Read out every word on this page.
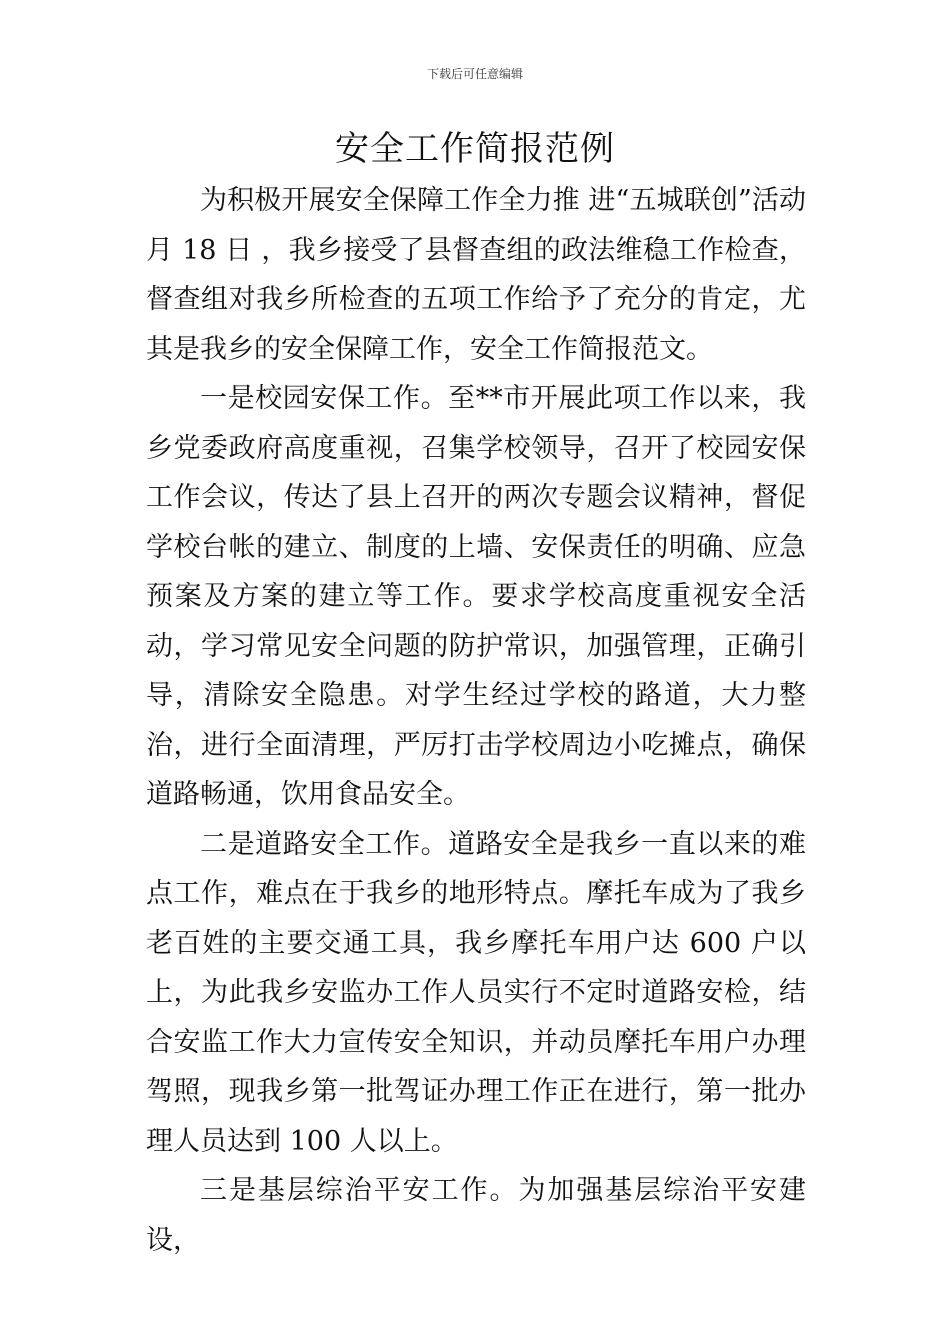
下载后可任意编辑
安全工作简报范例

为积极开展安全保障工作全力推 进“五城联创”活动月 18 日 ，我乡接受了县督查组的政法维稳工作检查，督查组对我乡所检查的五项工作给予了充分的肯定，尤其是我乡的安全保障工作，安全工作简报范文。

一是校园安保工作。至**市开展此项工作以来，我乡党委政府高度重视，召集学校领导，召开了校园安保工作会议，传达了县上召开的两次专题会议精神，督促学校台帐的建立、制度的上墙、安保责任的明确、应急预案及方案的建立等工作。要求学校高度重视安全活动，学习常见安全问题的防护常识，加强管理，正确引导，清除安全隐患。对学生经过学校的路道，大力整治，进行全面清理，严厉打击学校周边小吃摊点，确保道路畅通，饮用食品安全。

二是道路安全工作。道路安全是我乡一直以来的难点工作，难点在于我乡的地形特点。摩托车成为了我乡老百姓的主要交通工具，我乡摩托车用户达 600 户以上，为此我乡安监办工作人员实行不定时道路安检，结合安监工作大力宣传安全知识，并动员摩托车用户办理驾照，现我乡第一批驾证办理工作正在进行，第一批办理人员达到 100 人以上。

三是基层综治平安工作。为加强基层综治平安建设，
